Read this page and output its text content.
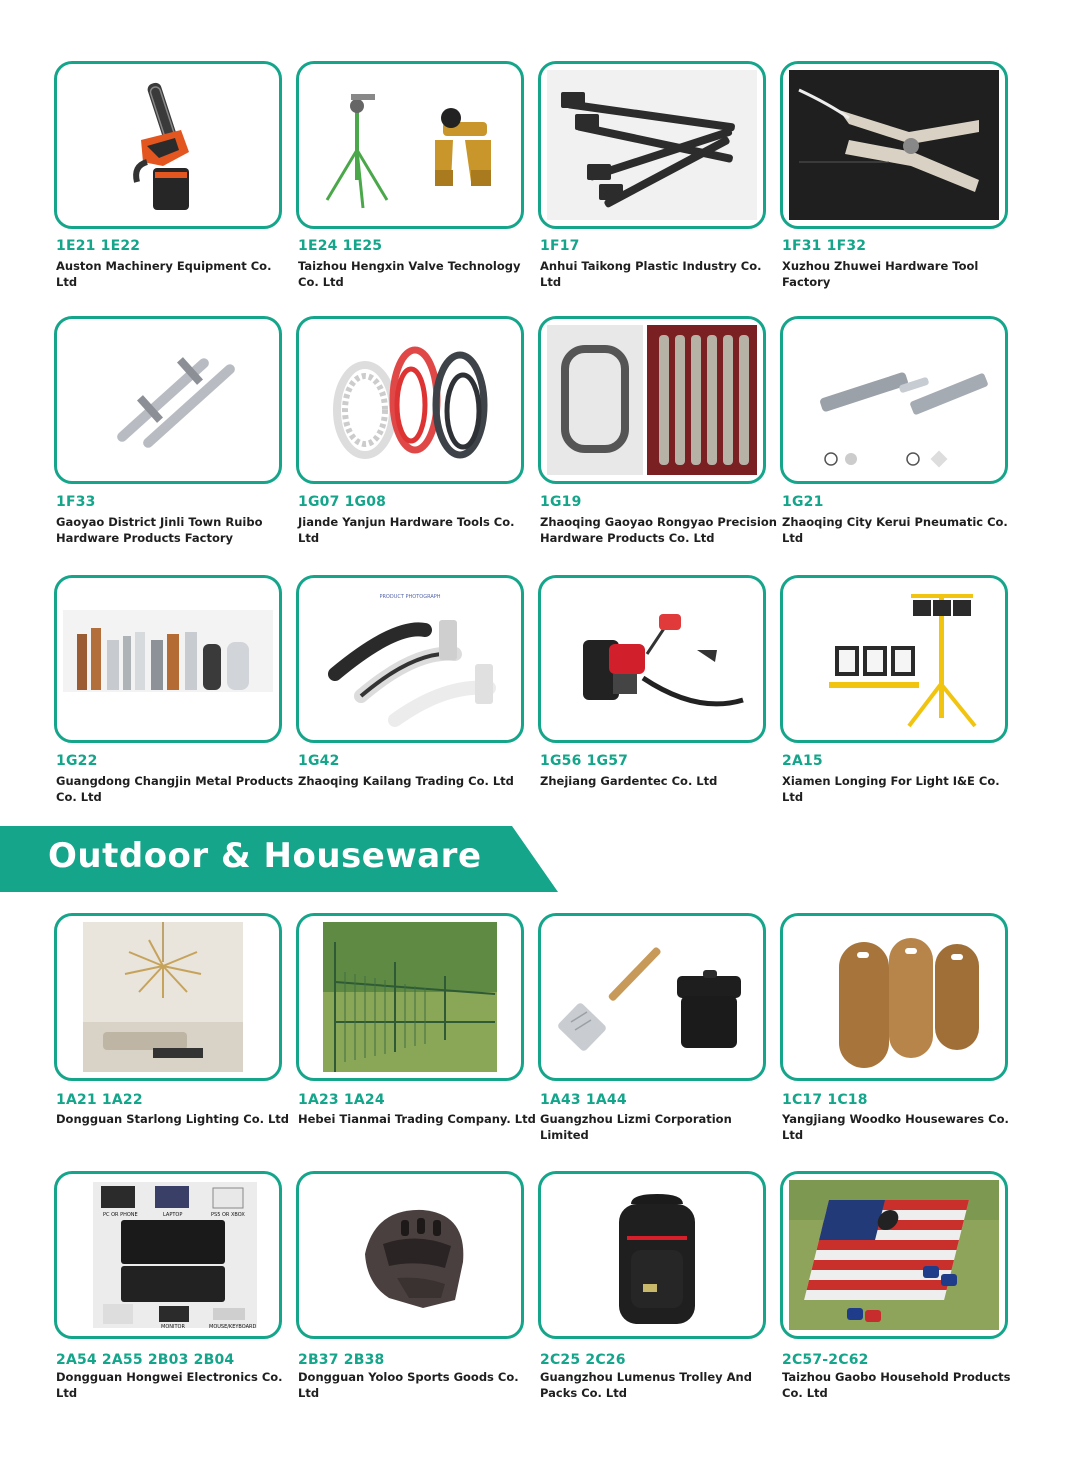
1E21 1E22
Auston Machinery Equipment Co. Ltd
1E24 1E25
Taizhou Hengxin Valve Technology Co. Ltd
1F17
Anhui Taikong Plastic Industry Co. Ltd
1F31 1F32
Xuzhou Zhuwei Hardware Tool Factory
1F33
Gaoyao District Jinli Town Ruibo Hardware Products Factory
1G07 1G08
Jiande Yanjun Hardware Tools Co. Ltd
1G19
Zhaoqing Gaoyao Rongyao Precision Hardware Products Co. Ltd
1G21
Zhaoqing City Kerui Pneumatic Co. Ltd
1G22
Guangdong Changjin Metal Products Co. Ltd
PRODUCT PHOTOGRAPH
1G42
Zhaoqing Kailang Trading Co. Ltd
1G56 1G57
Zhejiang Gardentec Co. Ltd
2A15
Xiamen Longing For Light I&E Co. Ltd
Outdoor & Houseware
1A21 1A22
Dongguan Starlong Lighting Co. Ltd
1A23 1A24
Hebei Tianmai Trading Company. Ltd
1A43 1A44
Guangzhou Lizmi Corporation Limited
1C17 1C18
Yangjiang Woodko Housewares Co. Ltd
PC OR PHONE	LAPTOP	PS5 OR XBOX
MONITOR	MOUSE/KEYBOARD
2A54 2A55 2B03 2B04
Dongguan Hongwei Electronics Co. Ltd
2B37 2B38
Dongguan Yoloo Sports Goods Co. Ltd
2C25 2C26
Guangzhou Lumenus Trolley And Packs Co. Ltd
2C57-2C62
Taizhou Gaobo Household Products Co. Ltd
